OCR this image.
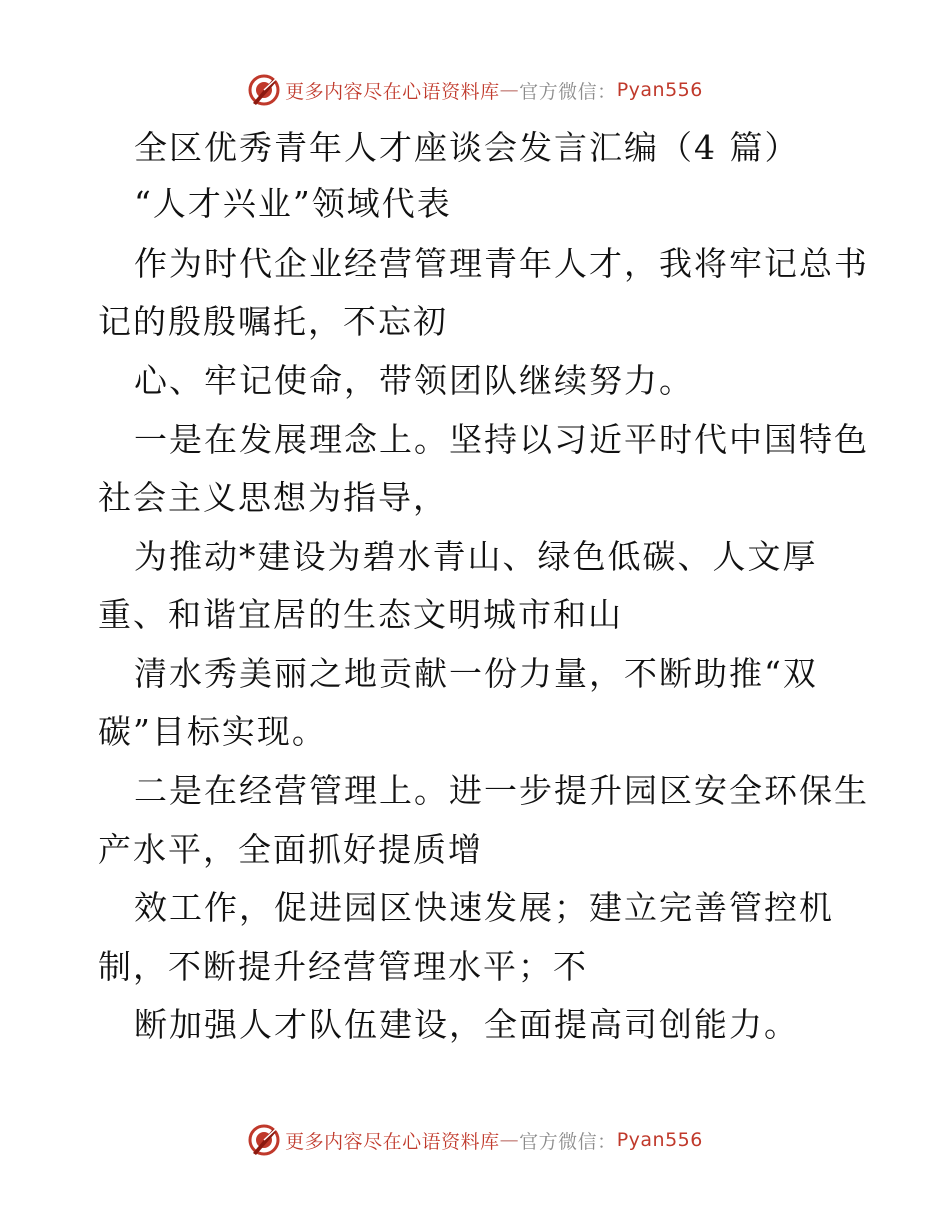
更多内容尽在心语资料库 — 官方微信： Pyan556
全区优秀青年人才座谈会发言汇编（4 篇）
“人才兴业”领域代表
作为时代企业经营管理青年人才，我将牢记总书
记的殷殷嘱托，不忘初
心、牢记使命，带领团队继续努力。
一是在发展理念上。坚持以习近平时代中国特色
社会主义思想为指导，
为推动*建设为碧水青山、绿色低碳、人文厚
重、和谐宜居的生态文明城市和山
清水秀美丽之地贡献一份力量，不断助推“双
碳”目标实现。
二是在经营管理上。进一步提升园区安全环保生
产水平，全面抓好提质增
效工作，促进园区快速发展；建立完善管控机
制，不断提升经营管理水平；不
断加强人才队伍建设，全面提高司创能力。
更多内容尽在心语资料库 — 官方微信： Pyan556
